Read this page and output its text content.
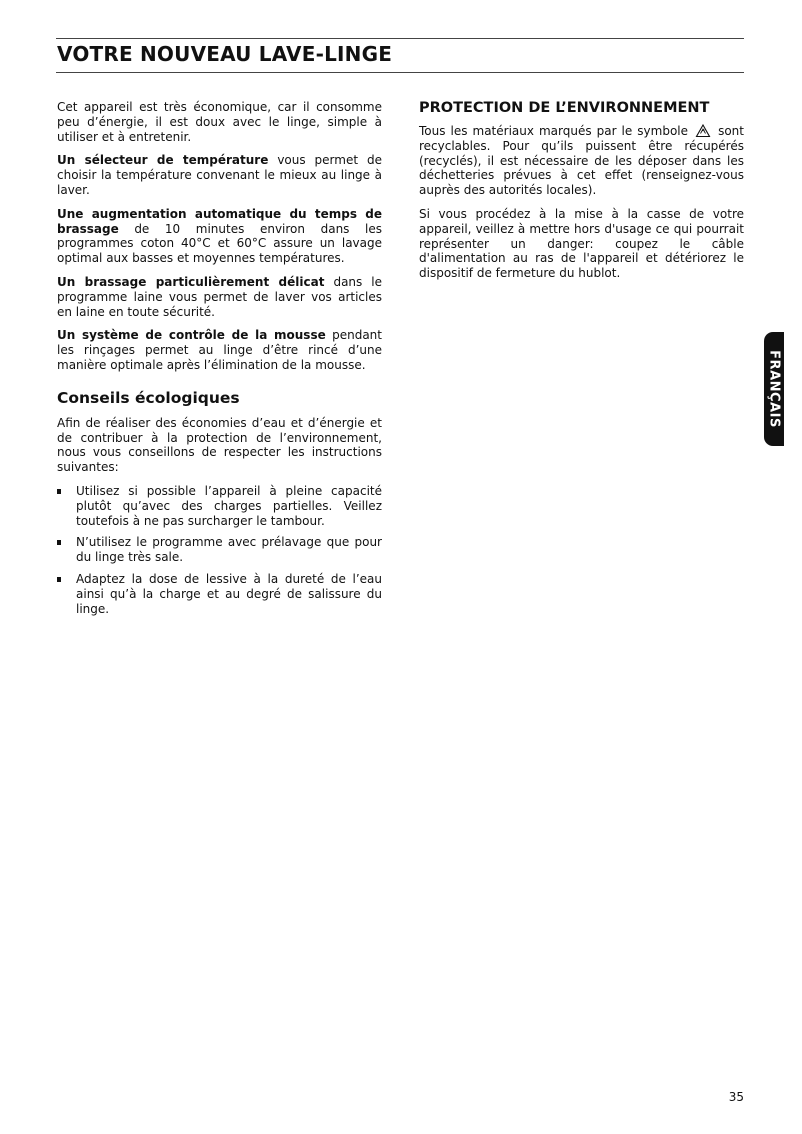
VOTRE NOUVEAU LAVE-LINGE

Cet appareil est très économique, car il consomme peu d’énergie, il est doux avec le linge, simple à utiliser et à entretenir.

Un sélecteur de température vous permet de choisir la température convenant le mieux au linge à laver.

Une augmentation automatique du temps de brassage de 10 minutes environ dans les programmes coton 40°C et 60°C assure un lavage optimal aux basses et moyennes températures.

Un brassage particulièrement délicat dans le programme laine vous permet de laver vos articles en laine en toute sécurité.

Un système de contrôle de la mousse pendant les rinçages permet au linge d’être rincé d’une manière optimale après l’élimination de la mousse.

Conseils écologiques

Afin de réaliser des économies d’eau et d’énergie et de contribuer à la protection de l’environnement, nous vous conseillons de respecter les instructions suivantes:

Utilisez si possible l’appareil à pleine capacité plutôt qu’avec des charges partielles. Veillez toutefois à ne pas surcharger le tambour.
N’utilisez le programme avec prélavage que pour du linge très sale.
Adaptez la dose de lessive à la dureté de l’eau ainsi qu’à la charge et au degré de salissure du linge.
PROTECTION DE L’ENVIRONNEMENT

Tous les matériaux marqués par le symbole	sont recyclables. Pour qu’ils puissent être récupérés (recyclés), il est nécessaire de les déposer dans les déchetteries prévues à cet effet (renseignez-vous auprès des autorités locales).

Si vous procédez à la mise à la casse de votre appareil, veillez à mettre hors d'usage ce qui pourrait représenter un danger: coupez le câble d'alimentation au ras de l'appareil et détériorez le dispositif de fermeture du hublot.

FRANÇAIS
35
